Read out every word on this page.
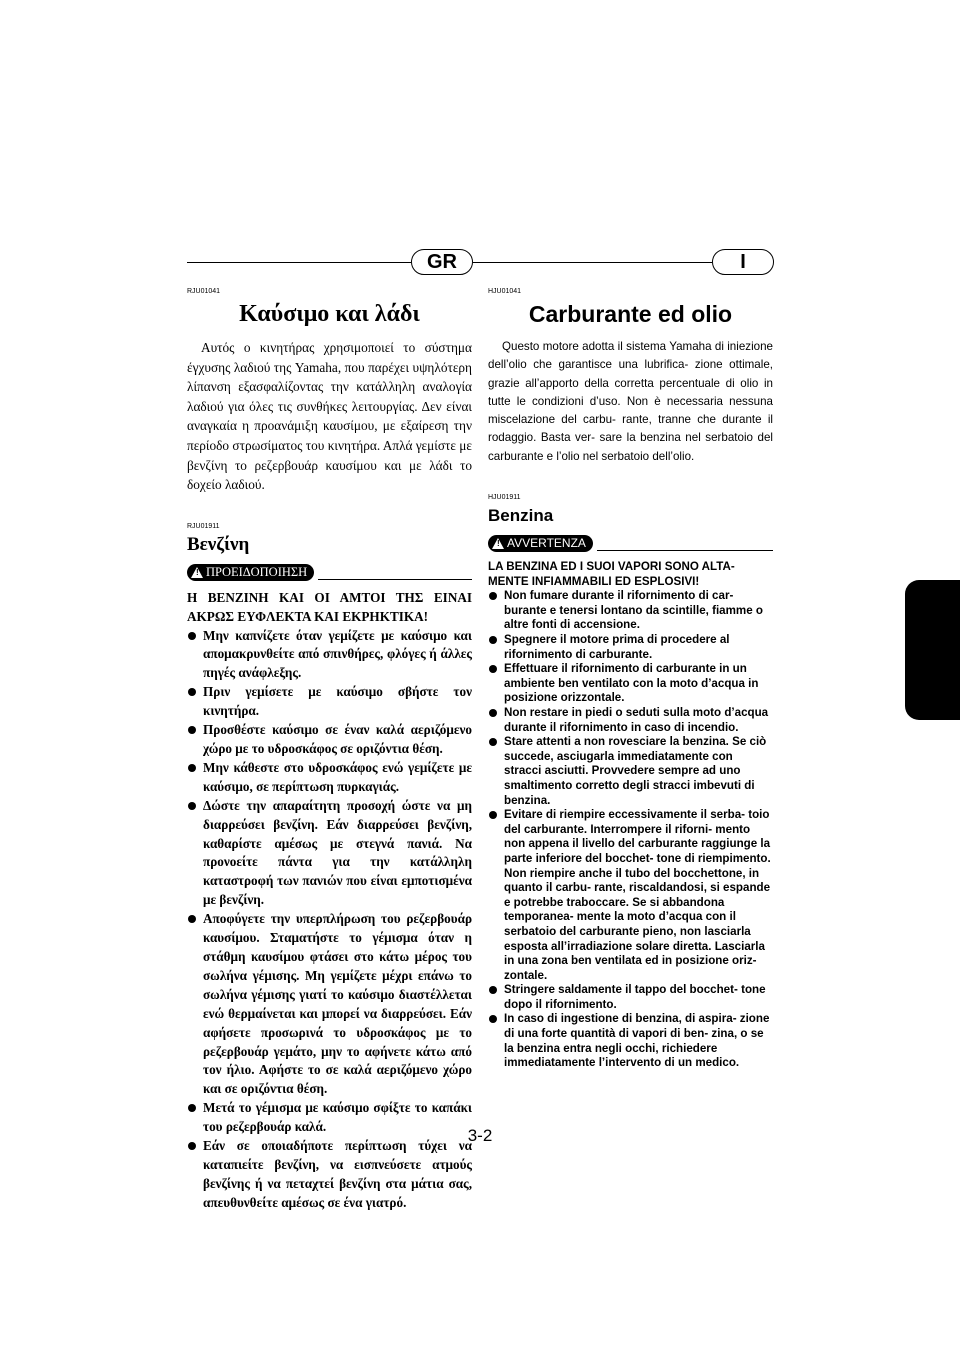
GR	I
RJU01041
Καύσιμο και λάδι

Αυτός ο κινητήρας χρησιμοποιεί το σύστημα έγχυσης λαδιού της Yamaha, που παρέχει υψηλότερη λίπανση εξασφαλίζοντας την κατάλληλη αναλογία λαδιού για όλες τις συνθήκες λειτουργίας. Δεν είναι αναγκαία η προανάμιξη καυσίμου, με εξαίρεση την περίοδο στρωσίματος του κινητήρα. Απλά γεμίστε με βενζίνη το ρεζερβουάρ καυσίμου και με λάδι το δοχείο λαδιού.

RJU01911
Βενζίνη
! ΠΡΟΕΙΔΟΠΟΙΗΣΗ

Η ΒΕΝΖΙΝΗ ΚΑΙ ΟΙ ΑΜΤΟΙ ΤΗΣ ΕΙΝΑΙ ΑΚΡΩΣ ΕΥΦΛΕΚΤΑ ΚΑΙ ΕΚΡΗΚΤΙΚΑ!

Μην καπνίζετε όταν γεμίζετε με καύσιμο και απομακρυνθείτε από σπινθήρες, φλόγες ή άλλες πηγές ανάφλεξης.
Πριν γεμίσετε με καύσιμο σβήστε τον κινητήρα.
Προσθέστε καύσιμο σε έναν καλά αεριζόμενο χώρο με το υδροσκάφος σε οριζόντια θέση.
Μην κάθεστε στο υδροσκάφος ενώ γεμίζετε με καύσιμο, σε περίπτωση πυρκαγιάς.
Δώστε την απαραίτητη προσοχή ώστε να μη διαρρεύσει βενζίνη. Εάν διαρρεύσει βενζίνη, καθαρίστε αμέσως με στεγνά πανιά. Να προνοείτε πάντα για την κατάλληλη καταστροφή των πανιών που είναι εμποτισμένα με βενζίνη.
Αποφύγετε την υπερπλήρωση του ρεζερβουάρ καυσίμου. Σταματήστε το γέμισμα όταν η στάθμη καυσίμου φτάσει στο κάτω μέρος του σωλήνα γέμισης. Μη γεμίζετε μέχρι επάνω το σωλήνα γέμισης γιατί το καύσιμο διαστέλλεται ενώ θερμαίνεται και μπορεί να διαρρεύσει. Εάν αφήσετε προσωρινά το υδροσκάφος με το ρεζερβουάρ γεμάτο, μην το αφήνετε κάτω από τον ήλιο. Αφήστε το σε καλά αεριζόμενο χώρο και σε οριζόντια θέση.
Μετά το γέμισμα με καύσιμο σφίξτε το καπάκι του ρεζερβουάρ καλά.
Εάν σε οποιαδήποτε περίπτωση τύχει να καταπιείτε βενζίνη, να εισπνεύσετε ατμούς βενζίνης ή να πεταχτεί βενζίνη στα μάτια σας, απευθυνθείτε αμέσως σε ένα γιατρό.
HJU01041
Carburante ed olio

Questo motore adotta il sistema Yamaha di iniezione dell’olio che garantisce una lubrifica- zione ottimale, grazie all’apporto della corretta percentuale di olio in tutte le condizioni d’uso. Non è necessaria nessuna miscelazione del carbu- rante, tranne che durante il rodaggio. Basta ver- sare la benzina nel serbatoio del carburante e l’olio nel serbatoio dell’olio.

HJU01911
Benzina
! AVVERTENZA

LA BENZINA ED I SUOI VAPORI SONO ALTA- MENTE INFIAMMABILI ED ESPLOSIVI!

Non fumare durante il rifornimento di car- burante e tenersi lontano da scintille, fiamme o altre fonti di accensione.
Spegnere il motore prima di procedere al rifornimento di carburante.
Effettuare il rifornimento di carburante in un ambiente ben ventilato con la moto d’acqua in posizione orizzontale.
Non restare in piedi o seduti sulla moto d’acqua durante il rifornimento in caso di incendio.
Stare attenti a non rovesciare la benzina. Se ciò succede, asciugarla immediatamente con stracci asciutti. Provvedere sempre ad uno smaltimento corretto degli stracci imbevuti di benzina.
Evitare di riempire eccessivamente il serba- toio del carburante. Interrompere il riforni- mento non appena il livello del carburante raggiunge la parte inferiore del bocchet- tone di riempimento. Non riempire anche il tubo del bocchettone, in quanto il carbu- rante, riscaldandosi, si espande e potrebbe traboccare. Se si abbandona temporanea- mente la moto d’acqua con il serbatoio del carburante pieno, non lasciarla esposta all’irradiazione solare diretta. Lasciarla in una zona ben ventilata ed in posizione oriz- zontale.
Stringere saldamente il tappo del bocchet- tone dopo il rifornimento.
In caso di ingestione di benzina, di aspira- zione di una forte quantità di vapori di ben- zina, o se la benzina entra negli occhi, richiedere immediatamente l’intervento di un medico.
3-2
